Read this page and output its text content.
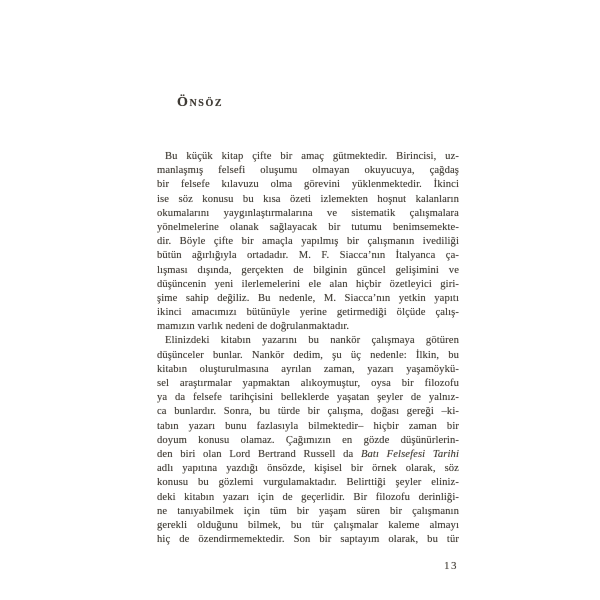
Önsöz
Bu küçük kitap çifte bir amaç gütmektedir. Birincisi, uz-
manlaşmış felsefi oluşumu olmayan okuyucuya, çağdaş
bir felsefe kılavuzu olma görevini yüklenmektedir. İkinci
ise söz konusu bu kısa özeti izlemekten hoşnut kalanların
okumalarını yaygınlaştırmalarına ve sistematik çalışmalara
yönelmelerine olanak sağlayacak bir tutumu benimsemekte-
dir. Böyle çifte bir amaçla yapılmış bir çalışmanın ivediliği
bütün ağırlığıyla ortadadır. M. F. Siacca’nın İtalyanca ça-
lışması dışında, gerçekten de bilginin güncel gelişimini ve
düşüncenin yeni ilerlemelerini ele alan hiçbir özetleyici giri-
şime sahip değiliz. Bu nedenle, M. Siacca’nın yetkin yapıtı
ikinci amacımızı bütünüyle yerine getirmediği ölçüde çalış-
mamızın varlık nedeni de doğrulanmaktadır.
Elinizdeki kitabın yazarını bu nankör çalışmaya götüren
düşünceler bunlar. Nankör dedim, şu üç nedenle: İlkin, bu
kitabın oluşturulmasına ayrılan zaman, yazarı yaşamöykü-
sel araştırmalar yapmaktan alıkoymuştur, oysa bir filozofu
ya da felsefe tarihçisini belleklerde yaşatan şeyler de yalnız-
ca bunlardır. Sonra, bu türde bir çalışma, doğası gereği –ki-
tabın yazarı bunu fazlasıyla bilmektedir– hiçbir zaman bir
doyum konusu olamaz. Çağımızın en gözde düşünürlerin-
den biri olan Lord Bertrand Russell da Batı Felsefesi Tarihi
adlı yapıtına yazdığı önsözde, kişisel bir örnek olarak, söz
konusu bu gözlemi vurgulamaktadır. Belirttiği şeyler eliniz-
deki kitabın yazarı için de geçerlidir. Bir filozofu derinliği-
ne tanıyabilmek için tüm bir yaşam süren bir çalışmanın
gerekli olduğunu bilmek, bu tür çalışmalar kaleme almayı
hiç de özendirmemektedir. Son bir saptayım olarak, bu tür
13
